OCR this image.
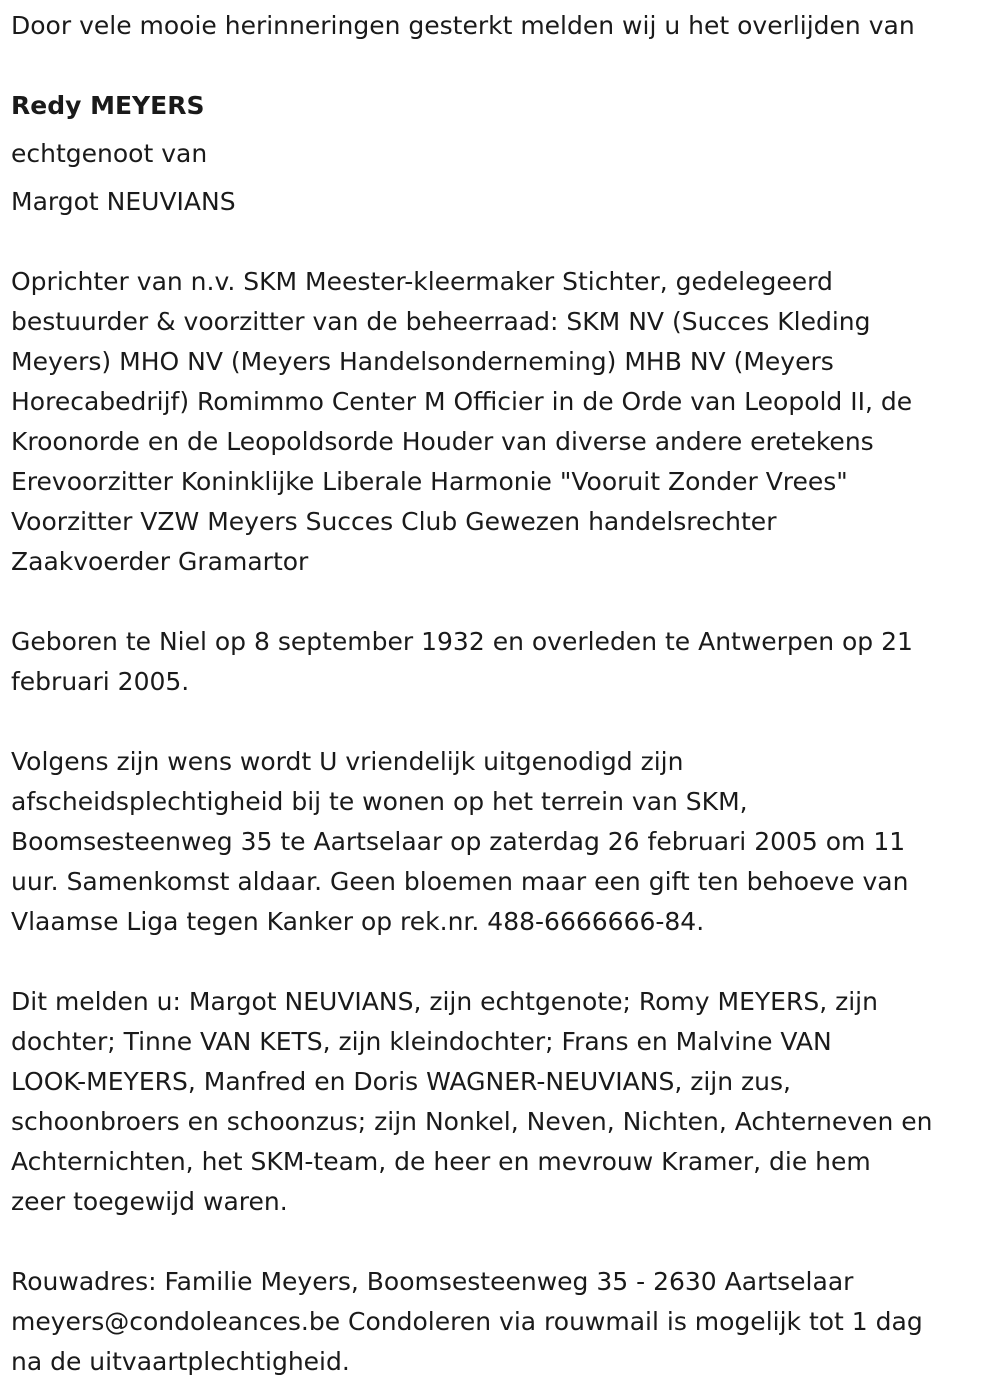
Door vele mooie herinneringen gesterkt melden wij u het overlijden van

Redy MEYERS

echtgenoot van

Margot NEUVIANS

Oprichter van n.v. SKM Meester-kleermaker Stichter, gedelegeerd

bestuurder & voorzitter van de beheerraad: SKM NV (Succes Kleding

Meyers) MHO NV (Meyers Handelsonderneming) MHB NV (Meyers

Horecabedrijf) Romimmo Center M Officier in de Orde van Leopold II, de

Kroonorde en de Leopoldsorde Houder van diverse andere eretekens

Erevoorzitter Koninklijke Liberale Harmonie "Vooruit Zonder Vrees"

Voorzitter VZW Meyers Succes Club Gewezen handelsrechter

Zaakvoerder Gramartor

Geboren te Niel op 8 september 1932 en overleden te Antwerpen op 21

februari 2005.

Volgens zijn wens wordt U vriendelijk uitgenodigd zijn

afscheidsplechtigheid bij te wonen op het terrein van SKM,

Boomsesteenweg 35 te Aartselaar op zaterdag 26 februari 2005 om 11

uur. Samenkomst aldaar. Geen bloemen maar een gift ten behoeve van

Vlaamse Liga tegen Kanker op rek.nr. 488-6666666-84.

Dit melden u: Margot NEUVIANS, zijn echtgenote; Romy MEYERS, zijn

dochter; Tinne VAN KETS, zijn kleindochter; Frans en Malvine VAN

LOOK-MEYERS, Manfred en Doris WAGNER-NEUVIANS, zijn zus,

schoonbroers en schoonzus; zijn Nonkel, Neven, Nichten, Achterneven en

Achternichten, het SKM-team, de heer en mevrouw Kramer, die hem

zeer toegewijd waren.

Rouwadres: Familie Meyers, Boomsesteenweg 35 - 2630 Aartselaar

meyers@condoleances.be Condoleren via rouwmail is mogelijk tot 1 dag

na de uitvaartplechtigheid.
